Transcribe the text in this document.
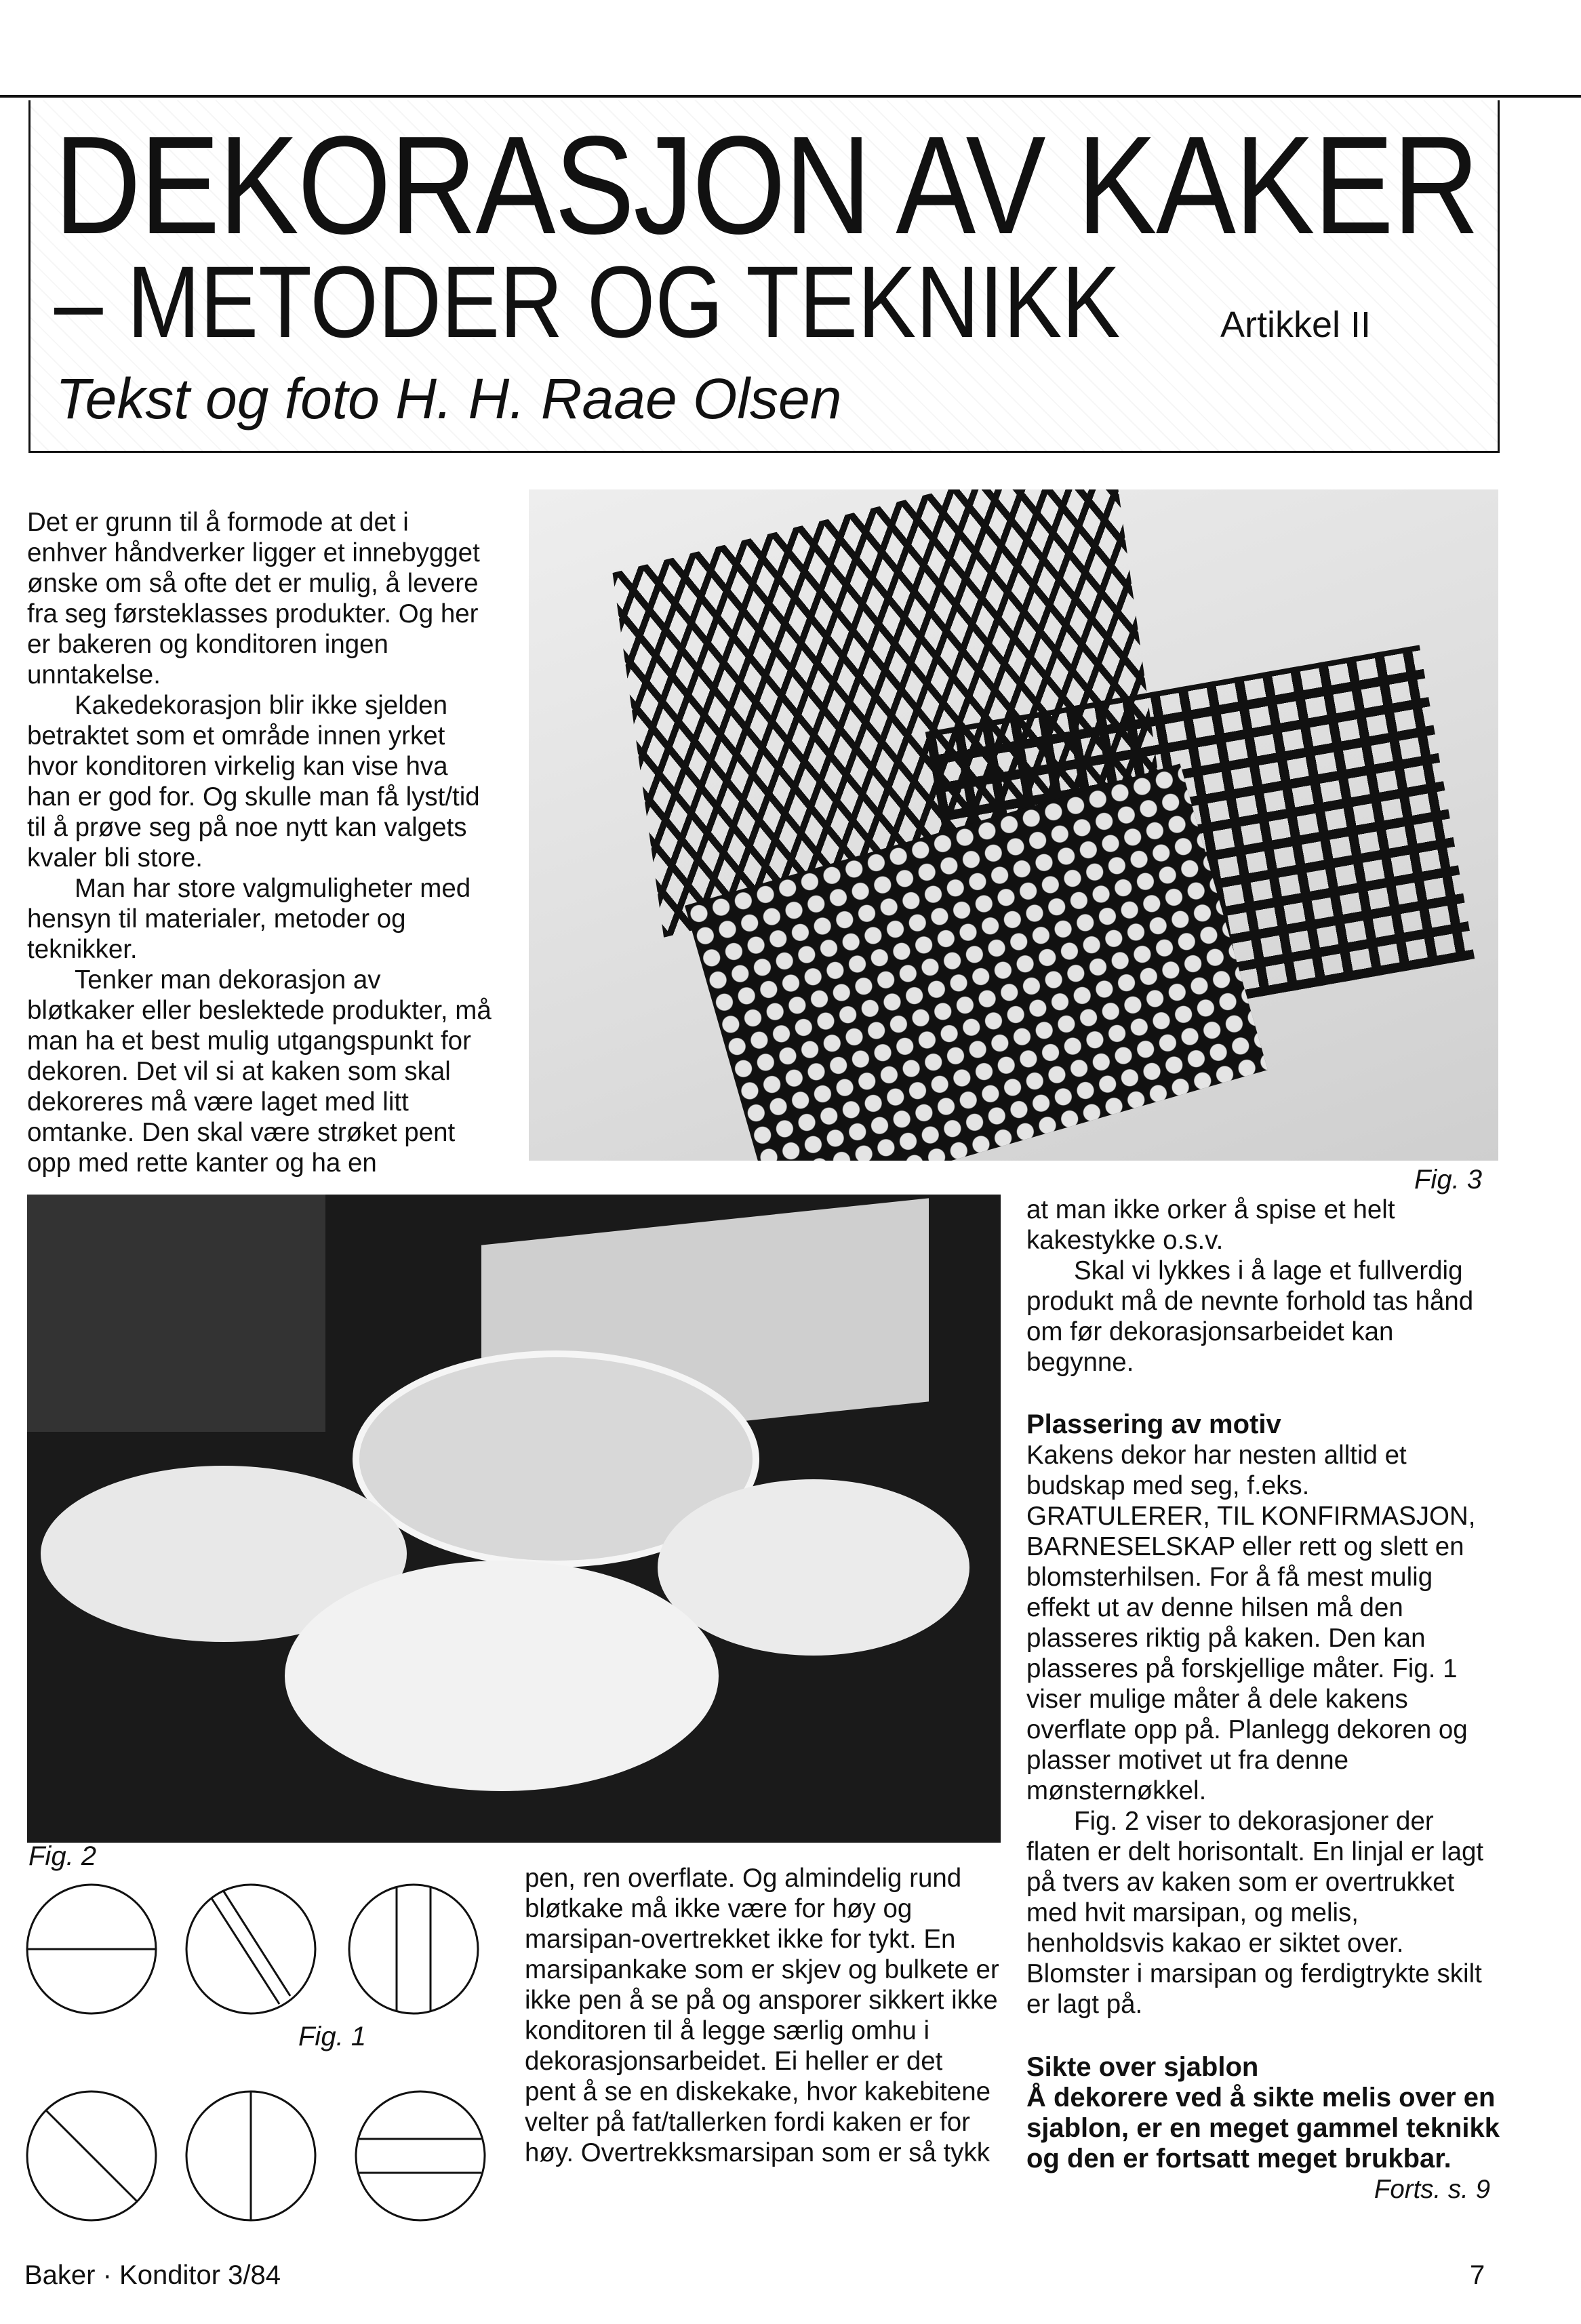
DEKORASJON AV KAKER
– METODER OG TEKNIKK	Artikkel II
Tekst og foto H. H. Raae Olsen

Det er grunn til å formode at det i enhver håndverker ligger et innebygget ønske om så ofte det er mulig, å levere fra seg førsteklasses produkter. Og her er bakeren og konditoren ingen unntakelse.

Kakedekorasjon blir ikke sjelden betraktet som et område innen yrket hvor konditoren virkelig kan vise hva han er god for. Og skulle man få lyst/tid til å prøve seg på noe nytt kan valgets kvaler bli store.

Man har store valgmuligheter med hensyn til materialer, metoder og teknikker.

Tenker man dekorasjon av bløtkaker eller beslektede produkter, må man ha et best mulig utgangspunkt for dekoren. Det vil si at kaken som skal dekoreres må være laget med litt omtanke. Den skal være strøket pent opp med rette kanter og ha en

Fig. 3
Fig. 2
Fig. 1

pen, ren overflate. Og almindelig rund bløtkake må ikke være for høy og marsipan-overtrekket ikke for tykt. En marsipankake som er skjev og bulkete er ikke pen å se på og ansporer sikkert ikke konditoren til å legge særlig omhu i dekorasjonsarbeidet. Ei heller er det pent å se en diskekake, hvor kakebitene velter på fat/tallerken fordi kaken er for høy. Overtrekksmarsipan som er så tykk

at man ikke orker å spise et helt kakestykke o.s.v.

Skal vi lykkes i å lage et fullverdig produkt må de nevnte forhold tas hånd om før dekorasjonsarbeidet kan begynne.

Plassering av motiv

Kakens dekor har nesten alltid et budskap med seg, f.eks. GRATULERER, TIL KONFIRMASJON, BARNESELSKAP eller rett og slett en blomsterhilsen. For å få mest mulig effekt ut av denne hilsen må den plasseres riktig på kaken. Den kan plasseres på forskjellige måter. Fig. 1 viser mulige måter å dele kakens overflate opp på. Planlegg dekoren og plasser motivet ut fra denne mønsternøkkel.

Fig. 2 viser to dekorasjoner der flaten er delt horisontalt. En linjal er lagt på tvers av kaken som er overtrukket med hvit marsipan, og melis, henholdsvis kakao er siktet over. Blomster i marsipan og ferdigtrykte skilt er lagt på.

Sikte over sjablon

Å dekorere ved å sikte melis over en sjablon, er en meget gammel teknikk og den er fortsatt meget brukbar.

Forts. s. 9

Baker · Konditor 3/84	7
